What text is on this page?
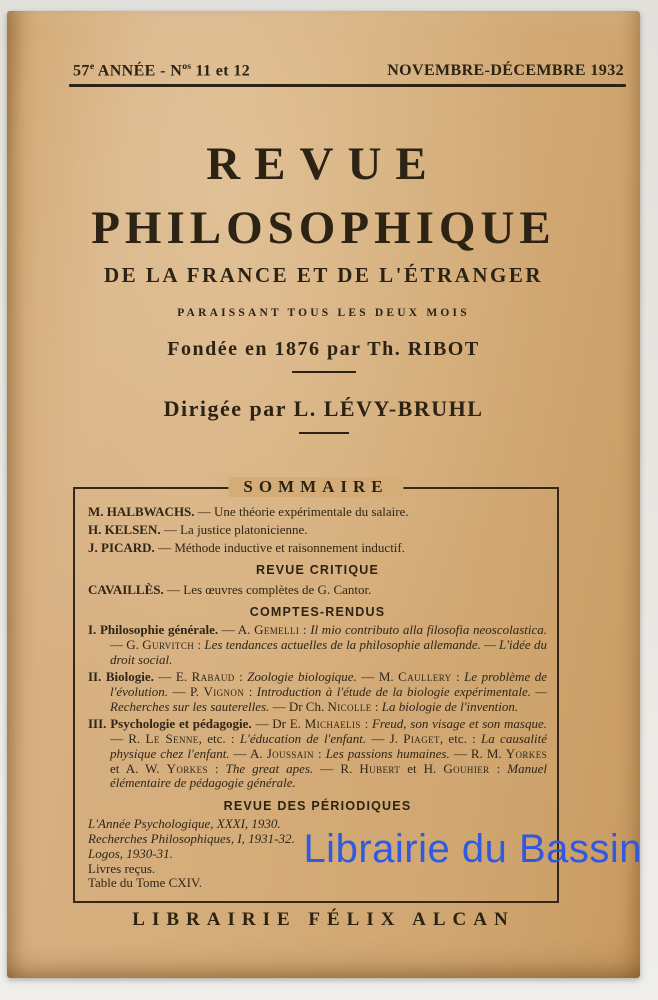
57e ANNÉE - $N^{os}$ 11 et 12	NOVEMBRE-DÉCEMBRE 1932
REVUE
PHILOSOPHIQUE
DE LA FRANCE ET DE L'ÉTRANGER
PARAISSANT TOUS LES DEUX MOIS
Fondée en 1876 par Th. RIBOT
Dirigée par L. LÉVY-BRUHL
SOMMAIRE

M. HALBWACHS. — Une théorie expérimentale du salaire.

H. KELSEN. — La justice platonicienne.

J. PICARD. — Méthode inductive et raisonnement inductif.

REVUE CRITIQUE

CAVAILLÈS. — Les œuvres complètes de G. Cantor.

COMPTES-RENDUS

I. Philosophie générale. — A. Gemelli : Il mio contributo alla filosofia neoscolastica. — G. Gurvitch : Les tendances actuelles de la philosophie allemande. — L'idée du droit social.

II. Biologie. — E. Rabaud : Zoologie biologique. — M. Caullery : Le problème de l'évolution. — P. Vignon : Introduction à l'étude de la biologie expérimentale. — Recherches sur les sauterelles. — Dr Ch. Nicolle : La biologie de l'invention.

III. Psychologie et pédagogie. — Dr E. Michaelis : Freud, son visage et son masque. — R. Le Senne, etc. : L'éducation de l'enfant. — J. Piaget, etc. : La causalité physique chez l'enfant. — A. Joussain : Les passions humaines. — R. M. Yorkes et A. W. Yorkes : The great apes. — R. Hubert et H. Gouhier : Manuel élémentaire de pédagogie générale.

REVUE DES PÉRIODIQUES

L'Année Psychologique, XXXI, 1930.

Recherches Philosophiques, I, 1931-32.

Logos, 1930-31.

Livres reçus.

Table du Tome CXIV.

LIBRAIRIE FÉLIX ALCAN
Librairie du Bassin
